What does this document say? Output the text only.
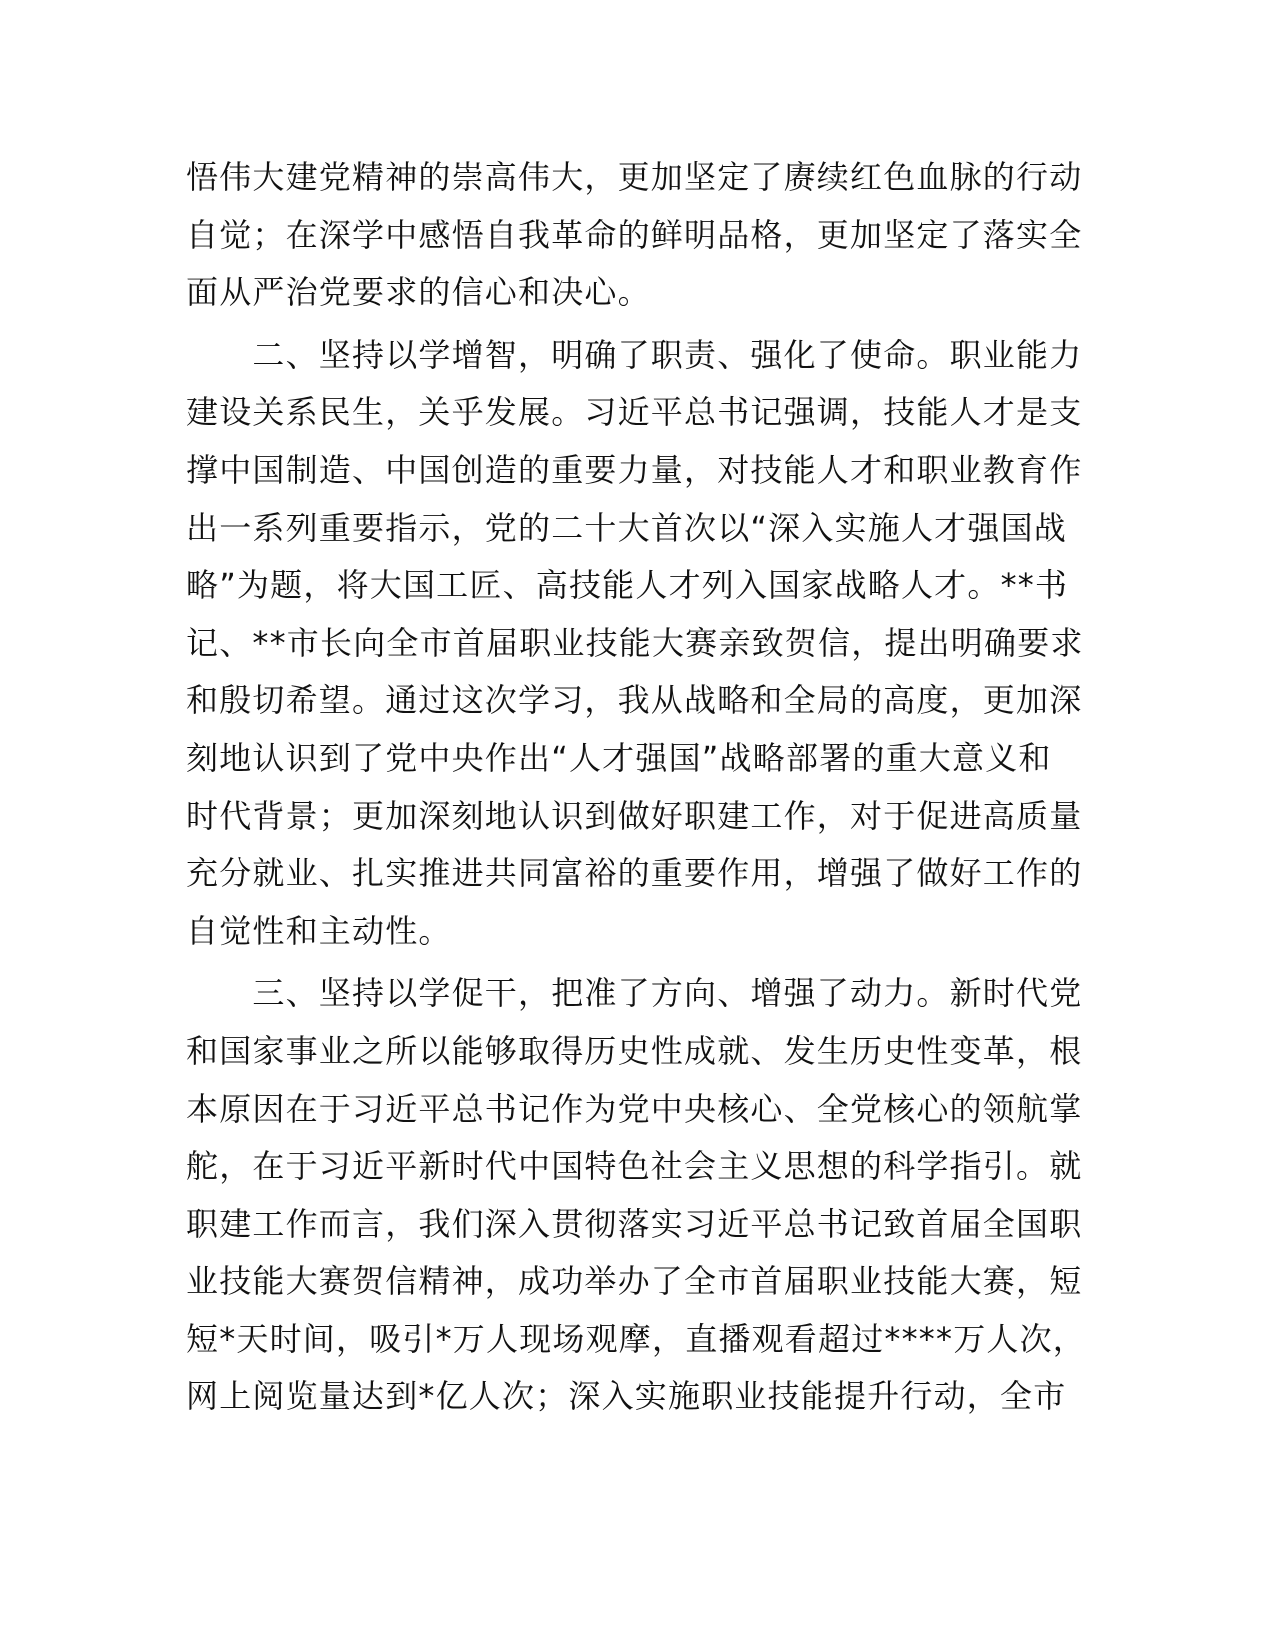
悟伟大建党精神的崇高伟大，更加坚定了赓续红色血脉的行动
自觉；在深学中感悟自我革命的鲜明品格，更加坚定了落实全
面从严治党要求的信心和决心。
　　二、坚持以学增智，明确了职责、强化了使命。职业能力
建设关系民生，关乎发展。习近平总书记强调，技能人才是支
撑中国制造、中国创造的重要力量，对技能人才和职业教育作
出一系列重要指示，党的二十大首次以“深入实施人才强国战
略”为题，将大国工匠、高技能人才列入国家战略人才。**书
记、**市长向全市首届职业技能大赛亲致贺信，提出明确要求
和殷切希望。通过这次学习，我从战略和全局的高度，更加深
刻地认识到了党中央作出“人才强国”战略部署的重大意义和
时代背景；更加深刻地认识到做好职建工作，对于促进高质量
充分就业、扎实推进共同富裕的重要作用，增强了做好工作的
自觉性和主动性。
　　三、坚持以学促干，把准了方向、增强了动力。新时代党
和国家事业之所以能够取得历史性成就、发生历史性变革，根
本原因在于习近平总书记作为党中央核心、全党核心的领航掌
舵，在于习近平新时代中国特色社会主义思想的科学指引。就
职建工作而言，我们深入贯彻落实习近平总书记致首届全国职
业技能大赛贺信精神，成功举办了全市首届职业技能大赛，短
短*天时间，吸引*万人现场观摩，直播观看超过****万人次，
网上阅览量达到*亿人次；深入实施职业技能提升行动，全市
